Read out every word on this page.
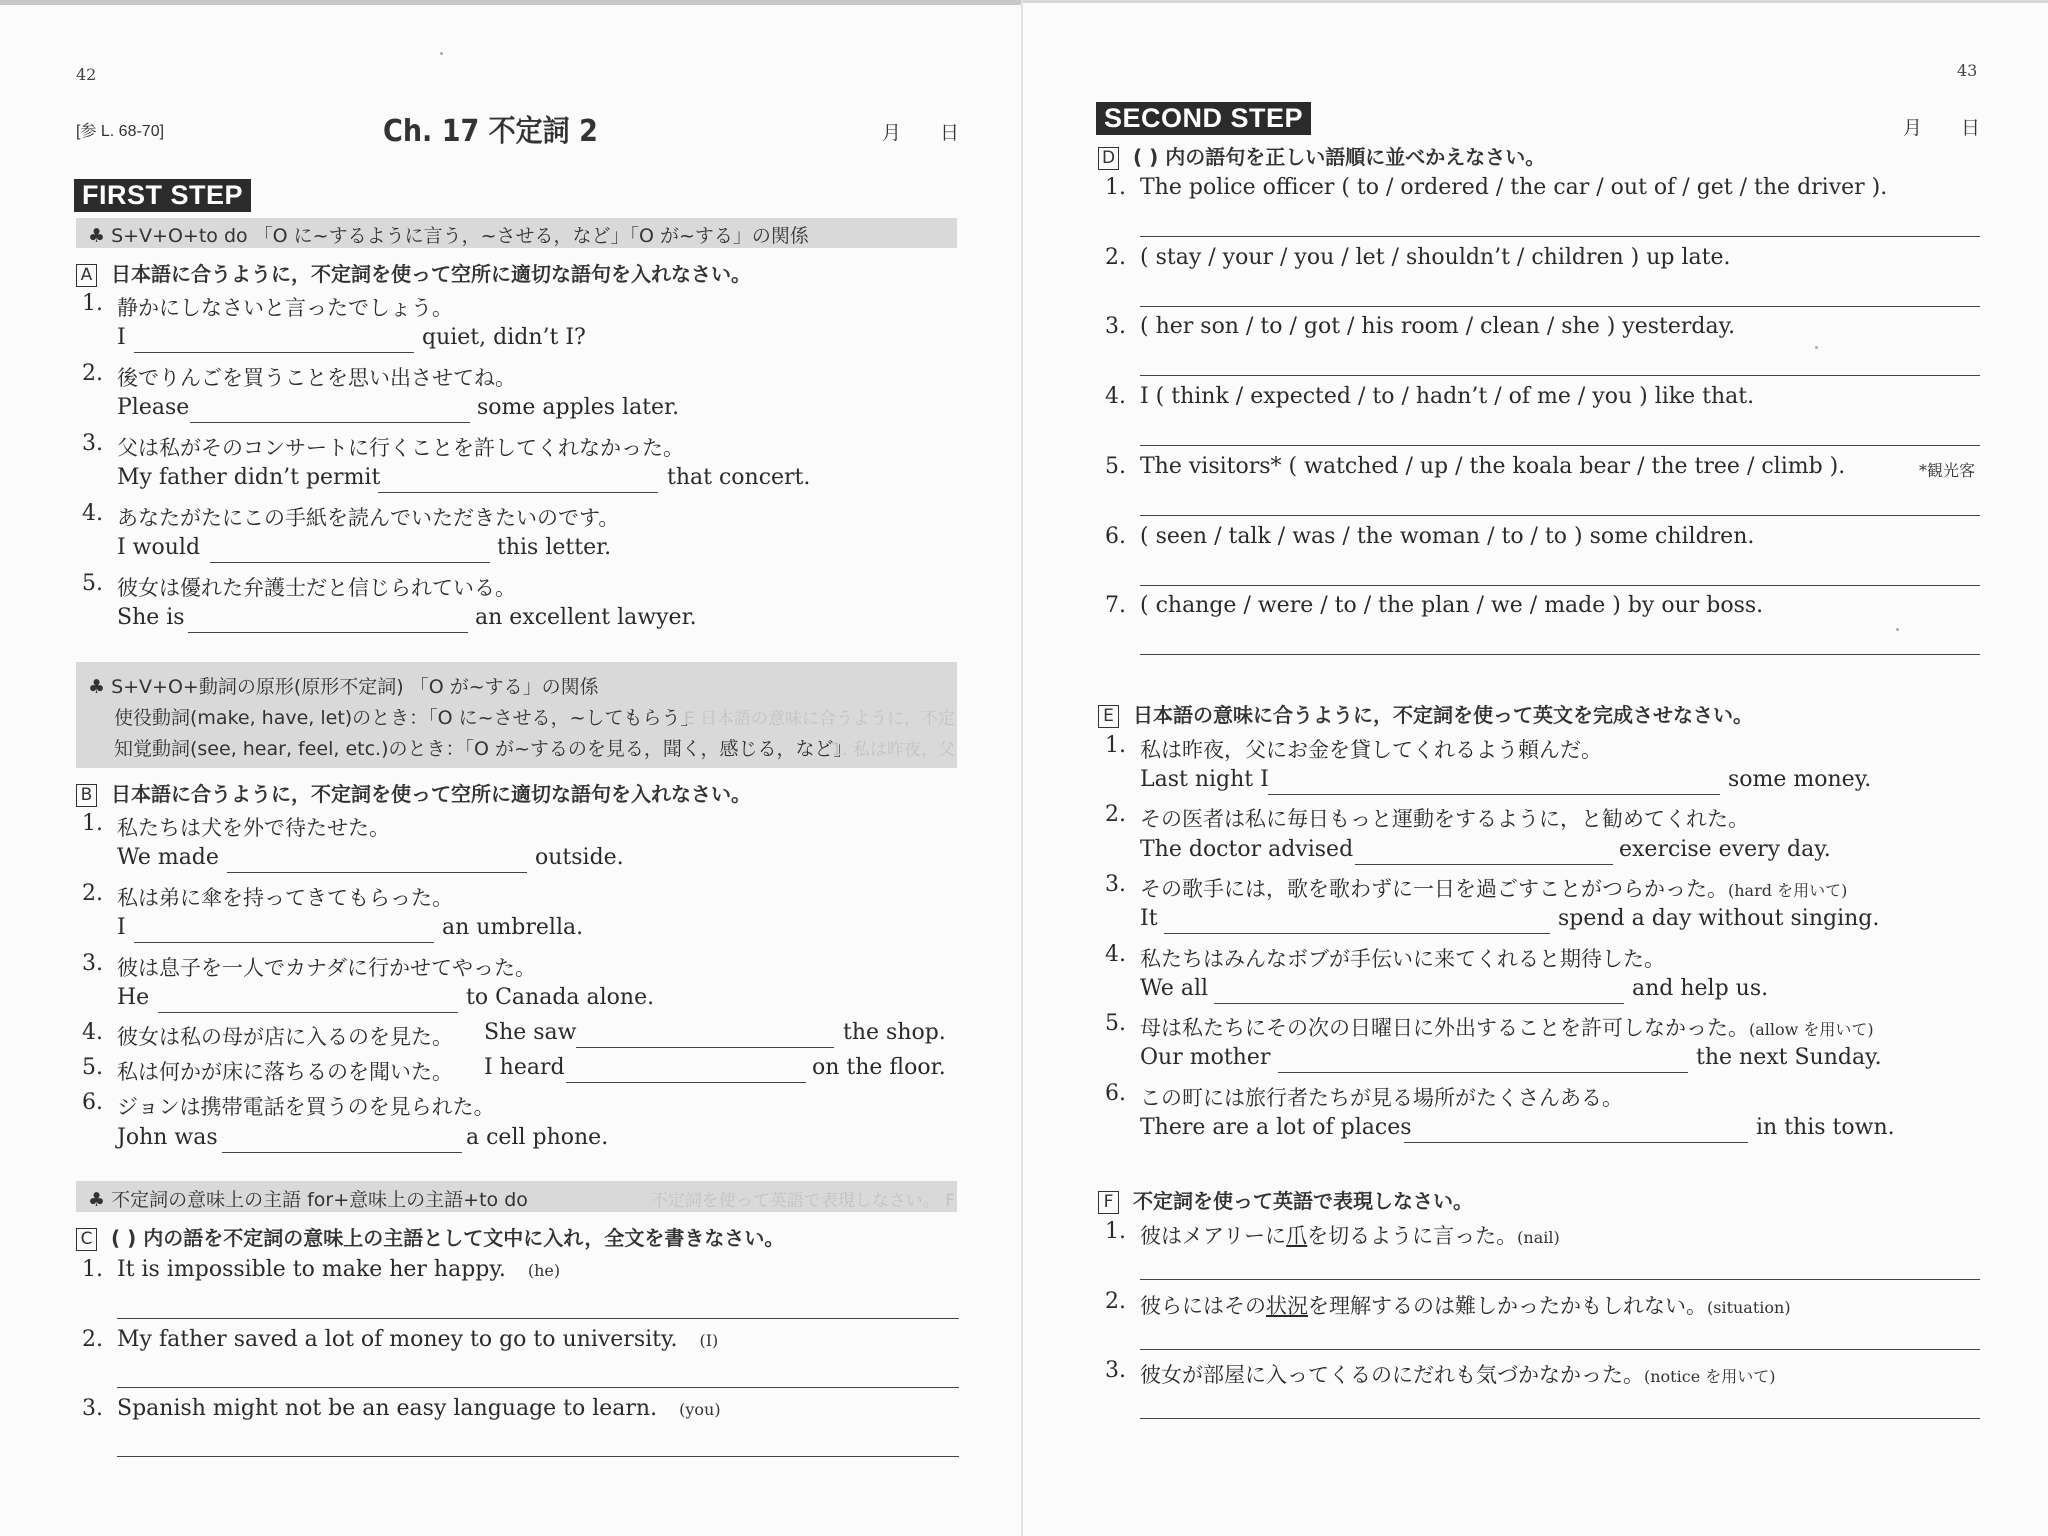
42
[参 L. 68-70]	Ch. 17 不定詞 2	月 日
FIRST STEP
♣ S+V+O+to do 「O に~するように言う，~させる，など」「O が~する」の関係
A 日本語に合うように，不定詞を使って空所に適切な語句を入れなさい。
1. 静かにしなさいと言ったでしょう。
I	quiet, didn’t I?
2. 後でりんごを買うことを思い出させてね。
Please	some apples later.
3. 父は私がそのコンサートに行くことを許してくれなかった。
My father didn’t permit	that concert.
4. あなたがたにこの手紙を読んでいただきたいのです。
I would	this letter.
5. 彼女は優れた弁護士だと信じられている。
She is	an excellent lawyer.
♣ S+V+O+動詞の原形(原形不定詞) 「O が~する」の関係
使役動詞(make, have, let)のとき：「O に~させる，~してもらう」
知覚動詞(see, hear, feel, etc.)のとき：「O が~するのを見る，聞く，感じる，など」
E 日本語の意味に合うように，不定
1. 私は昨夜，父
B 日本語に合うように，不定詞を使って空所に適切な語句を入れなさい。
1. 私たちは犬を外で待たせた。
We made	outside.
2. 私は弟に傘を持ってきてもらった。
I	an umbrella.
3. 彼は息子を一人でカナダに行かせてやった。
He	to Canada alone.
4. 彼女は私の母が店に入るのを見た。 She saw	the shop.
5. 私は何かが床に落ちるのを聞いた。 I heard	on the floor.
6. ジョンは携帯電話を買うのを見られた。
John was	a cell phone.
♣ 不定詞の意味上の主語 for+意味上の主語+to do	不定詞を使って英語で表現しなさい。 F
C ( ) 内の語を不定詞の意味上の主語として文中に入れ，全文を書きなさい。
1. It is impossible to make her happy. (he)
2. My father saved a lot of money to go to university. (I)
3. Spanish might not be an easy language to learn. (you)
43
SECOND STEP	月 日
D ( ) 内の語句を正しい語順に並べかえなさい。
1. The police officer ( to / ordered / the car / out of / get / the driver ).
2. ( stay / your / you / let / shouldn’t / children ) up late.
3. ( her son / to / got / his room / clean / she ) yesterday.
4. I ( think / expected / to / hadn’t / of me / you ) like that.
5. The visitors* ( watched / up / the koala bear / the tree / climb ).	*観光客
6. ( seen / talk / was / the woman / to / to ) some children.
7. ( change / were / to / the plan / we / made ) by our boss.
E 日本語の意味に合うように，不定詞を使って英文を完成させなさい。
1. 私は昨夜，父にお金を貸してくれるよう頼んだ。
Last night I	some money.
2. その医者は私に毎日もっと運動をするように，と勧めてくれた。
The doctor advised	exercise every day.
3. その歌手には，歌を歌わずに一日を過ごすことがつらかった。(hard を用いて)
It	spend a day without singing.
4. 私たちはみんなボブが手伝いに来てくれると期待した。
We all	and help us.
5. 母は私たちにその次の日曜日に外出することを許可しなかった。(allow を用いて)
Our mother	the next Sunday.
6. この町には旅行者たちが見る場所がたくさんある。
There are a lot of places	in this town.
F 不定詞を使って英語で表現しなさい。
1. 彼はメアリーに爪を切るように言った。(nail)
2. 彼らにはその状況を理解するのは難しかったかもしれない。(situation)
3. 彼女が部屋に入ってくるのにだれも気づかなかった。(notice を用いて)
